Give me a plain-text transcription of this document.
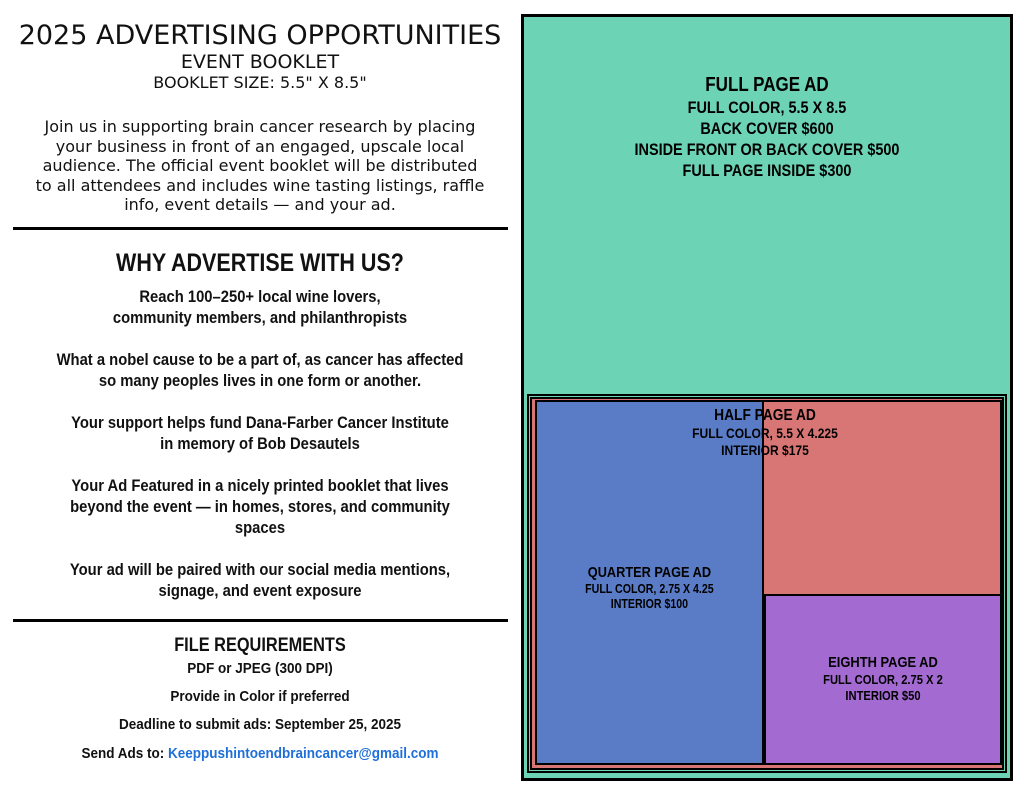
2025 ADVERTISING OPPORTUNITIES
EVENT BOOKLET
BOOKLET SIZE: 5.5" X 8.5"
Join us in supporting brain cancer research by placing
your business in front of an engaged, upscale local
audience. The official event booklet will be distributed
to all attendees and includes wine tasting listings, raffle
info, event details — and your ad.
WHY ADVERTISE WITH US?

Reach 100–250+ local wine lovers,
community members, and philanthropists

What a nobel cause to be a part of, as cancer has affected
so many peoples lives in one form or another.

Your support helps fund Dana-Farber Cancer Institute
in memory of Bob Desautels

Your Ad Featured in a nicely printed booklet that lives
beyond the event — in homes, stores, and community
spaces

Your ad will be paired with our social media mentions,
signage, and event exposure

FILE REQUIREMENTS
PDF or JPEG (300 DPI)
Provide in Color if preferred
Deadline to submit ads: September 25, 2025
Send Ads to: Keeppushintoendbraincancer@gmail.com
FULL PAGE AD
FULL COLOR, 5.5 X 8.5
BACK COVER $600
INSIDE FRONT OR BACK COVER $500
FULL PAGE INSIDE $300
HALF PAGE AD
FULL COLOR, 5.5 X 4.225
INTERIOR $175
QUARTER PAGE AD
FULL COLOR, 2.75 X 4.25
INTERIOR $100
EIGHTH PAGE AD
FULL COLOR, 2.75 X 2
INTERIOR $50
